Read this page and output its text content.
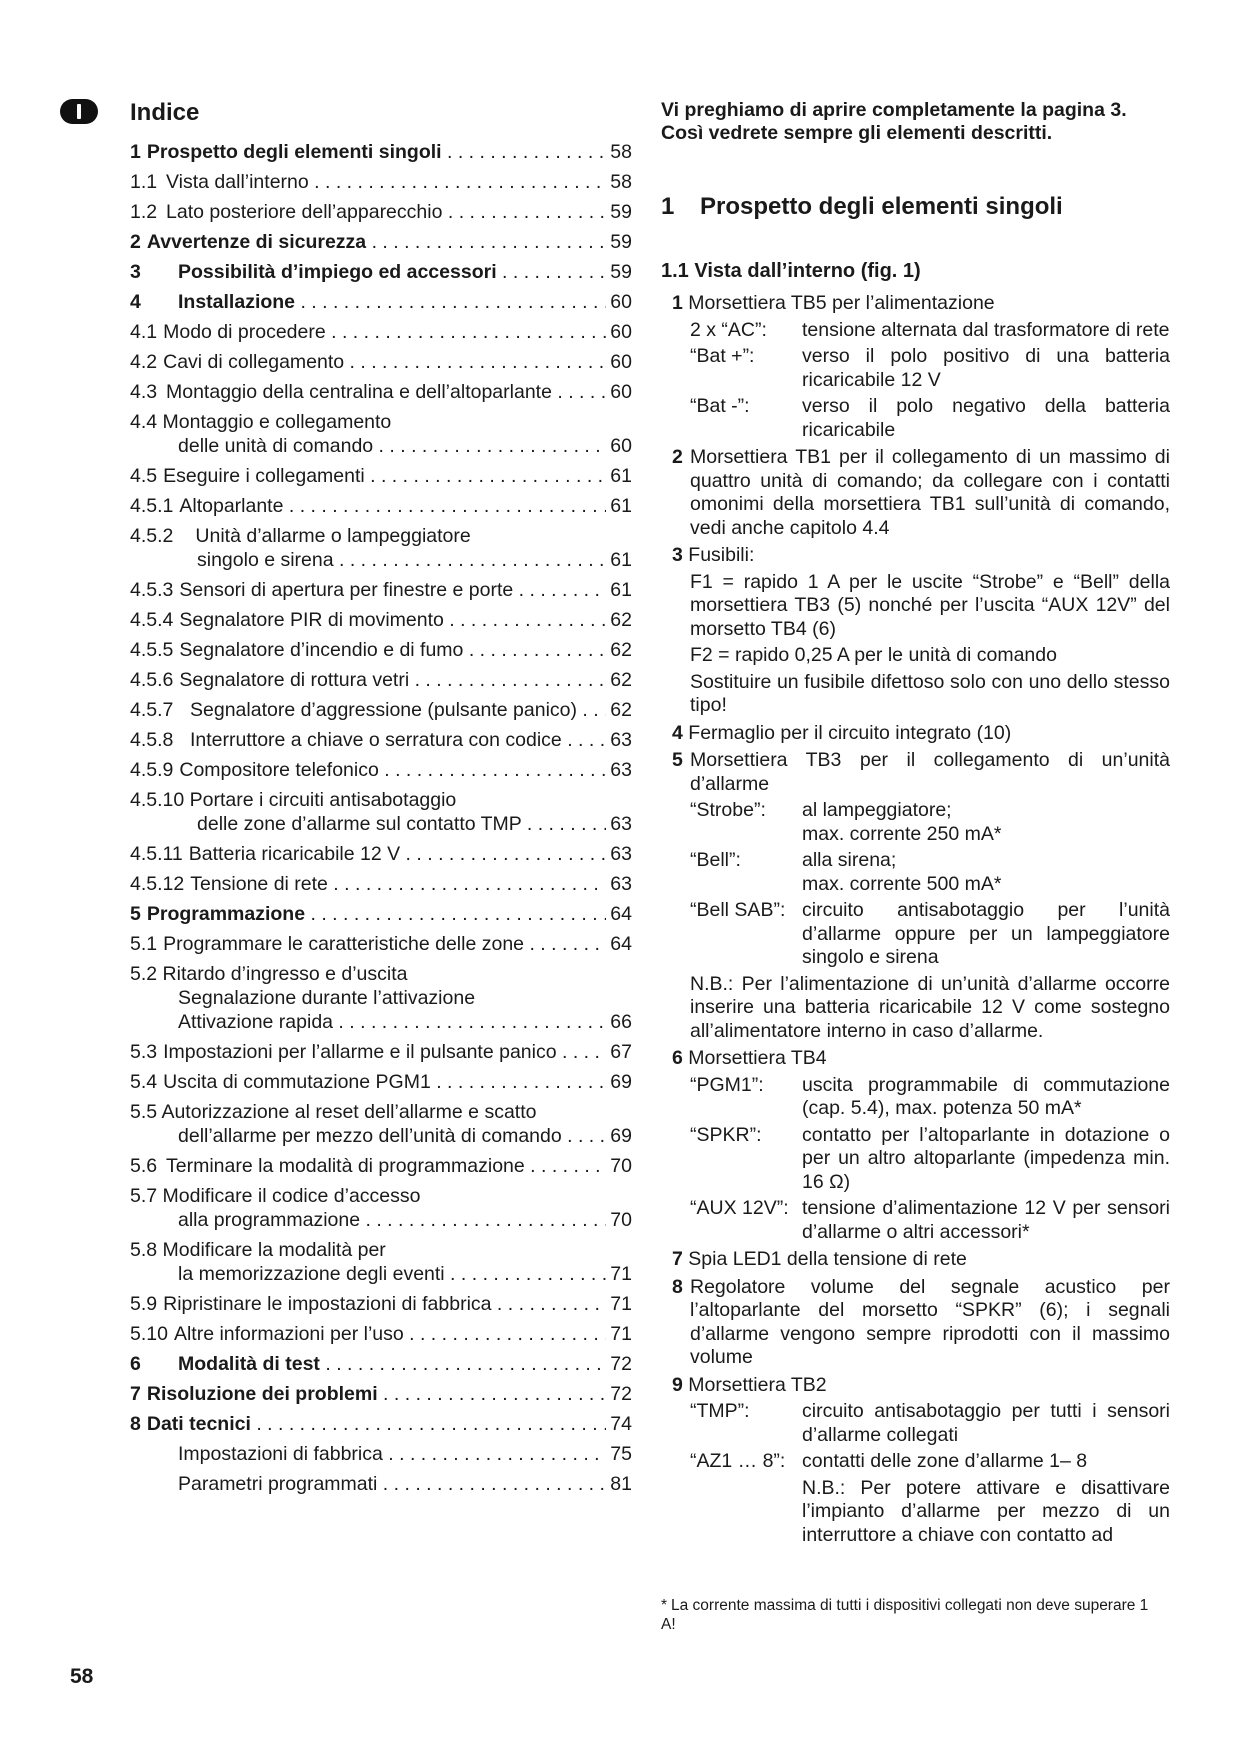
Indice
1 Prospetto degli elementi singoli . . .	58
1.1 Vista dall’interno . . .	58
1.2 Lato posteriore dell’apparecchio . . .	59
2 Avvertenze di sicurezza . . .	59
3 Possibilità d’impiego ed accessori . . .	59
4 Installazione . . .	60
4.1 Modo di procedere . . .	60
4.2 Cavi di collegamento . . .	60
4.3 Montaggio della centralina e dell’altoparlante . . .	60
4.4 Montaggio e collegamento
delle unità di comando . . .	60
4.5 Eseguire i collegamenti . . .	61
4.5.1 Altoparlante . . .	61
4.5.2 Unità d’allarme o lampeggiatore
singolo e sirena . . .	61
4.5.3 Sensori di apertura per finestre e porte . . .	61
4.5.4 Segnalatore PIR di movimento . . .	62
4.5.5 Segnalatore d’incendio e di fumo . . .	62
4.5.6 Segnalatore di rottura vetri . . .	62
4.5.7 Segnalatore d’aggressione (pulsante panico) . . .	62
4.5.8 Interruttore a chiave o serratura con codice . . .	63
4.5.9 Compositore telefonico . . .	63
4.5.10 Portare i circuiti antisabotaggio
delle zone d’allarme sul contatto TMP . . .	63
4.5.11 Batteria ricaricabile 12 V . . .	63
4.5.12 Tensione di rete . . .	63
5 Programmazione . . .	64
5.1 Programmare le caratteristiche delle zone . . .	64
5.2 Ritardo d’ingresso e d’uscita
Segnalazione durante l’attivazione
Attivazione rapida . . .	66
5.3 Impostazioni per l’allarme e il pulsante panico . . .	67
5.4 Uscita di commutazione PGM1 . . .	69
5.5 Autorizzazione al reset dell’allarme e scatto
dell’allarme per mezzo dell’unità di comando . . .	69
5.6 Terminare la modalità di programmazione . . .	70
5.7 Modificare il codice d’accesso
alla programmazione . . .	70
5.8 Modificare la modalità per
la memorizzazione degli eventi . . .	71
5.9 Ripristinare le impostazioni di fabbrica . . .	71
5.10 Altre informazioni per l’uso . . .	71
6 Modalità di test . . .	72
7 Risoluzione dei problemi . . .	72
8 Dati tecnici . . .	74
Impostazioni di fabbrica . . .	75
Parametri programmati . . .	81
58

Vi preghiamo di aprire completamente la pagina 3. Così vedrete sempre gli elementi descritti.

1 Prospetto degli elementi singoli
1.1 Vista dall’interno (fig. 1)
1 Morsettiera TB5 per l’alimentazione
2 x “AC”:	tensione alternata dal trasformatore di rete
“Bat +”:	verso il polo positivo di una batteria ricaricabile 12 V
“Bat -”:	verso il polo negativo della batteria ricaricabile
2 Morsettiera TB1 per il collegamento di un massimo di quattro unità di comando; da collegare con i contatti omonimi della morsettiera TB1 sull’unità di comando, vedi anche capitolo 4.4
3 Fusibili:

F1 = rapido 1 A per le uscite “Strobe” e “Bell” della morsettiera TB3 (5) nonché per l’uscita “AUX 12V” del morsetto TB4 (6)

F2 = rapido 0,25 A per le unità di comando

Sostituire un fusibile difettoso solo con uno dello stesso tipo!

4 Fermaglio per il circuito integrato (10)
5 Morsettiera TB3 per il collegamento di un’unità d’allarme
“Strobe”:	al lampeggiatore;
max. corrente 250 mA*
“Bell”:	alla sirena;
max. corrente 500 mA*
“Bell SAB”: circuito antisabotaggio per l’unità d’allarme oppure per un lampeggiatore singolo e sirena

N.B.: Per l’alimentazione di un’unità d’allarme occorre inserire una batteria ricaricabile 12 V come sostegno all’alimentatore interno in caso d’allarme.

6 Morsettiera TB4
“PGM1”:	uscita programmabile di commutazione (cap. 5.4), max. potenza 50 mA*
“SPKR”:	contatto per l’altoparlante in dotazione o per un altro altoparlante (impedenza min. 16 Ω)
“AUX 12V”: tensione d’alimentazione 12 V per sensori d’allarme o altri accessori*
7 Spia LED1 della tensione di rete
8 Regolatore volume del segnale acustico per l’altoparlante del morsetto “SPKR” (6); i segnali d’allarme vengono sempre riprodotti con il massimo volume
9 Morsettiera TB2
“TMP”:	circuito antisabotaggio per tutti i sensori d’allarme collegati
“AZ1 … 8”: contatti delle zone d’allarme 1– 8

N.B.: Per potere attivare e disattivare l’impianto d’allarme per mezzo di un interruttore a chiave con contatto ad

* La corrente massima di tutti i dispositivi collegati non deve superare 1 A!
